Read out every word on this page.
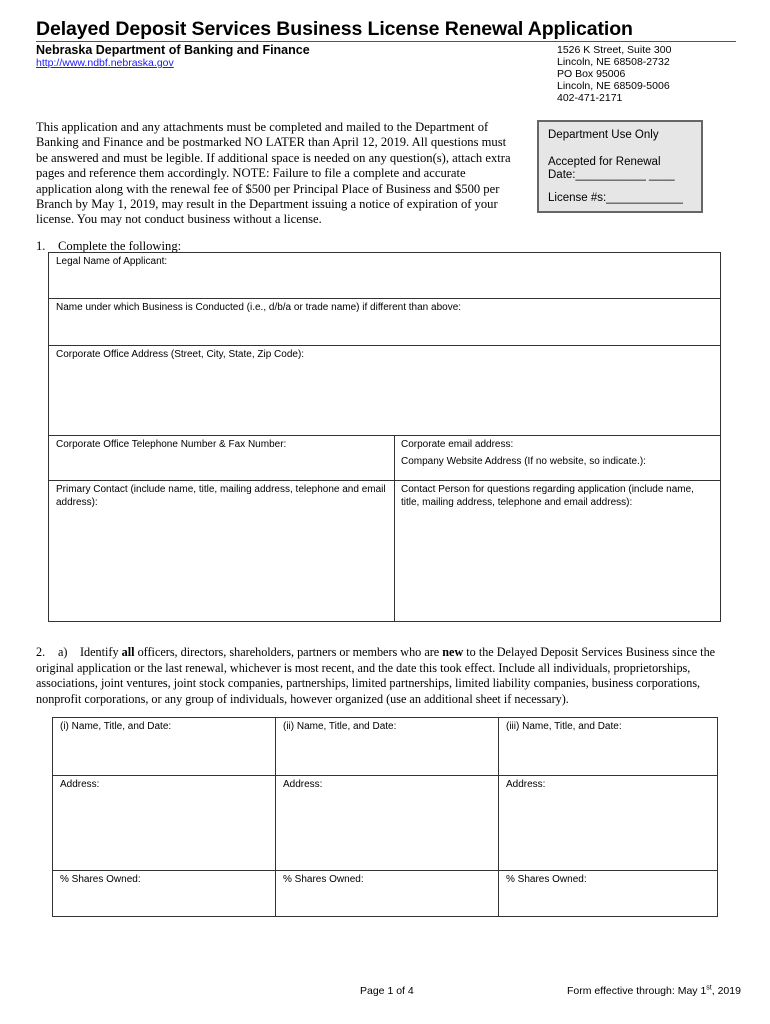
Delayed Deposit Services Business License Renewal Application
Nebraska Department of Banking and Finance
http://www.ndbf.nebraska.gov
1526 K Street, Suite 300
Lincoln, NE 68508-2732
PO Box 95006
Lincoln, NE 68509-5006
402-471-2171
This application and any attachments must be completed and mailed to the Department of Banking and Finance and be postmarked NO LATER than April 12, 2019. All questions must be answered and must be legible. If additional space is needed on any question(s), attach extra pages and reference them accordingly. NOTE: Failure to file a complete and accurate application along with the renewal fee of $500 per Principal Place of Business and $500 per Branch by May 1, 2019, may result in the Department issuing a notice of expiration of your license. You may not conduct business without a license.
Department Use Only
Accepted for Renewal
Date:___________ ____
License #s:____________
1. Complete the following:
Legal Name of Applicant:
Name under which Business is Conducted (i.e., d/b/a or trade name) if different than above:
Corporate Office Address (Street, City, State, Zip Code):
Corporate Office Telephone Number & Fax Number:	Corporate email address:
Company Website Address (If no website, so indicate.):
Primary Contact (include name, title, mailing address, telephone and email address):
Contact Person for questions regarding application (include name, title, mailing address, telephone and email address):
2. a) Identify all officers, directors, shareholders, partners or members who are new to the Delayed Deposit Services Business since the original application or the last renewal, whichever is most recent, and the date this took effect. Include all individuals, proprietorships, associations, joint ventures, joint stock companies, partnerships, limited partnerships, limited liability companies, business corporations, nonprofit corporations, or any group of individuals, however organized (use an additional sheet if necessary).
(i) Name, Title, and Date:	(ii) Name, Title, and Date:	(iii) Name, Title, and Date:
Address:	Address:	Address:
% Shares Owned:	% Shares Owned:	% Shares Owned:
Page 1 of 4	Form effective through: May 1st, 2019
